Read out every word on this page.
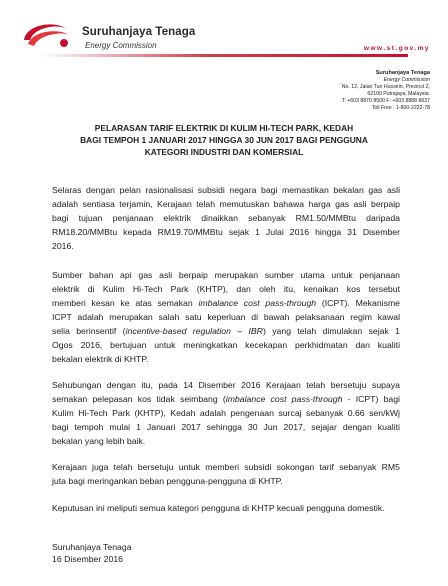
Suruhanjaya Tenaga
Energy Commission	www.st.gov.my
Suruhanjaya Tenaga
Energy Commission
No. 12, Jalan Tun Hussein, Precinct 2,
62100 Putrajaya, Malaysia.
T: +603 8870 8500 F: +603 8888 8637
Toll Free : 1-800-2222-78
PELARASAN TARIF ELEKTRIK DI KULIM HI-TECH PARK, KEDAH
BAGI TEMPOH 1 JANUARI 2017 HINGGA 30 JUN 2017 BAGI PENGGUNA
KATEGORI INDUSTRI DAN KOMERSIAL
Selaras dengan pelan rasionalisasi subsidi negara bagi memastikan bekalan gas asli
adalah sentiasa terjamin, Kerajaan telah memutuskan bahawa harga gas asli berpaip
bagi tujuan penjanaan elektrik dinaikkan sebanyak RM1.50/MMBtu daripada
RM18.20/MMBtu kepada RM19.70/MMBtu sejak 1 Julai 2016 hingga 31 Disember
2016.
Sumber bahan api gas asli berpaip merupakan sumber utama untuk penjanaan
elektrik di Kulim Hi-Tech Park (KHTP), dan oleh itu, kenaikan kos tersebut
memberi kesan ke atas semakan imbalance cost pass-through (ICPT). Mekanisme
ICPT adalah merupakan salah satu keperluan di bawah pelaksanaan regim kawal
selia berinsentif (incentive-based regulation – IBR) yang telah dimulakan sejak 1
Ogos 2016, bertujuan untuk meningkatkan kecekapan perkhidmatan dan kualiti
bekalan elektrik di KHTP.
Sehubungan dengan itu, pada 14 Disember 2016 Kerajaan telah bersetuju supaya
semakan pelepasan kos tidak seimbang (imbalance cost pass-through - ICPT) bagi
Kulim Hi-Tech Park (KHTP), Kedah adalah pengenaan surcaj sebanyak 0.66 sen/kWj
bagi tempoh mulai 1 Januari 2017 sehingga 30 Jun 2017, sejajar dengan kualiti
bekalan yang lebih baik.
Kerajaan juga telah bersetuju untuk memberi subsidi sokongan tarif sebanyak RM5
juta bagi meringankan beban pengguna-pengguna di KHTP.
Keputusan ini meliputi semua kategori pengguna di KHTP kecuali pengguna domestik.
Suruhanjaya Tenaga
16 Disember 2016
